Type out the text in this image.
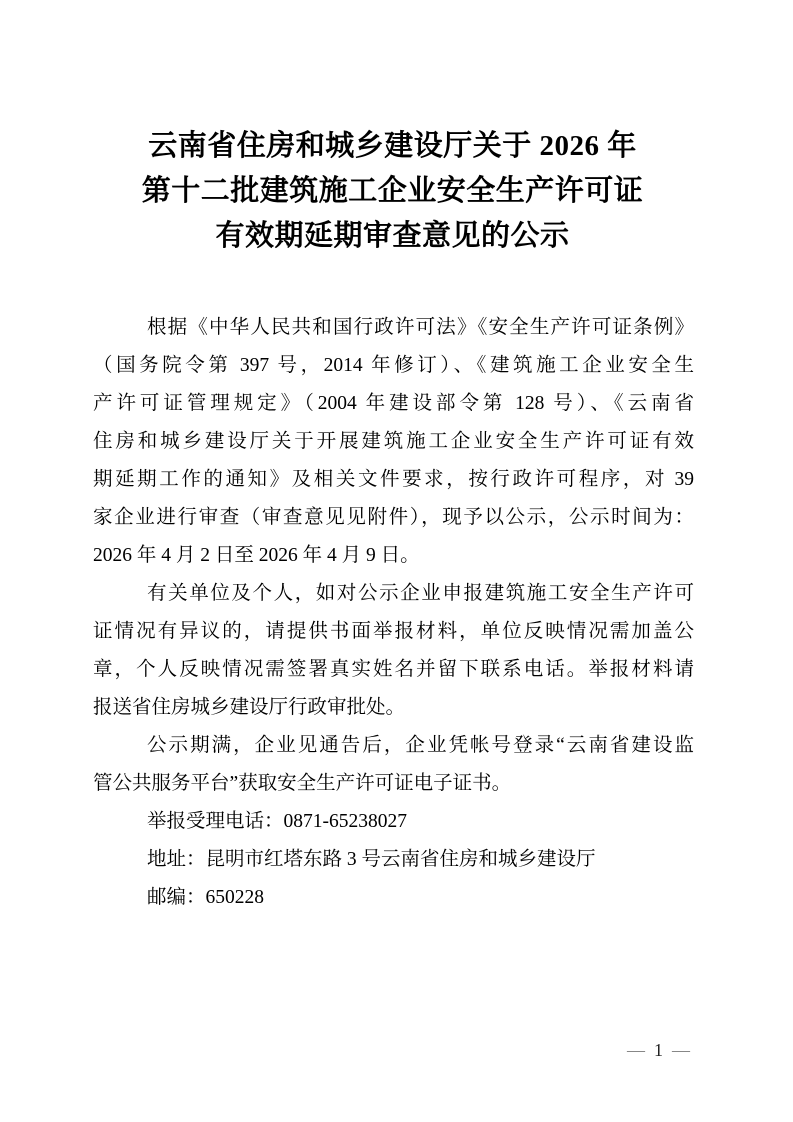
云南省住房和城乡建设厅关于 2026 年
第十二批建筑施工企业安全生产许可证
有效期延期审查意见的公示
根据《中华人民共和国行政许可法》《安全生产许可证条例》
（国务院令第 397 号，2014 年修订）、《建筑施工企业安全生
产许可证管理规定》（2004 年建设部令第 128 号）、《云南省
住房和城乡建设厅关于开展建筑施工企业安全生产许可证有效
期延期工作的通知》及相关文件要求，按行政许可程序，对 39
家企业进行审查（审查意见见附件），现予以公示，公示时间为：
2026 年 4 月 2 日至 2026 年 4 月 9 日。
有关单位及个人，如对公示企业申报建筑施工安全生产许可
证情况有异议的，请提供书面举报材料，单位反映情况需加盖公
章，个人反映情况需签署真实姓名并留下联系电话。举报材料请
报送省住房城乡建设厅行政审批处。
公示期满，企业见通告后，企业凭帐号登录“云南省建设监
管公共服务平台”获取安全生产许可证电子证书。
举报受理电话：0871-65238027
地址：昆明市红塔东路 3 号云南省住房和城乡建设厅
邮编：650228
— 1 —
